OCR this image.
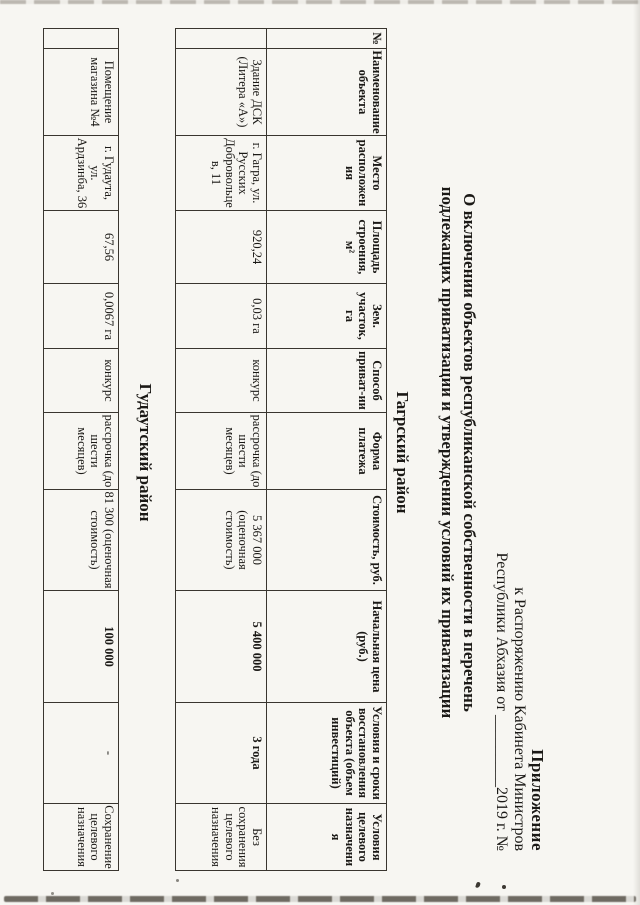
Приложение
к Распоряжению Кабинета Министров
Республики Абхазия от _________2019 г. №
О включении объектов республиканской собственности в перечень
подлежащих приватизации и утверждении условий их приватизации
Гагрский район
№	Наименование объекта	Место расположения	Площадь строения, м²	Зем. участок, га	Способ приват-ии	Форма платежа	Стоимость, руб.	Начальная цена (руб.)	Условия и сроки восстановления объекта (объем инвестиций)	Условия целевого назначения
	Здание ДСК (Литера «А»)	г. Гагра, ул. Русских Добровольцев, 11	920,24	0,03 га	конкурс	рассрочка (до шести месяцев)	5 367 000 (оценочная стоимость)	5 400 000	3 года	Без сохранения целевого назначения
Гудаутский район
	Помещение магазина №4	г. Гудаута, ул. Ардзинба, 36	67,56	0,0067 га	конкурс	рассрочка (до шести месяцев)	81 300 (оценочная стоимость)	100 000	-	Сохранение целевого назначения
